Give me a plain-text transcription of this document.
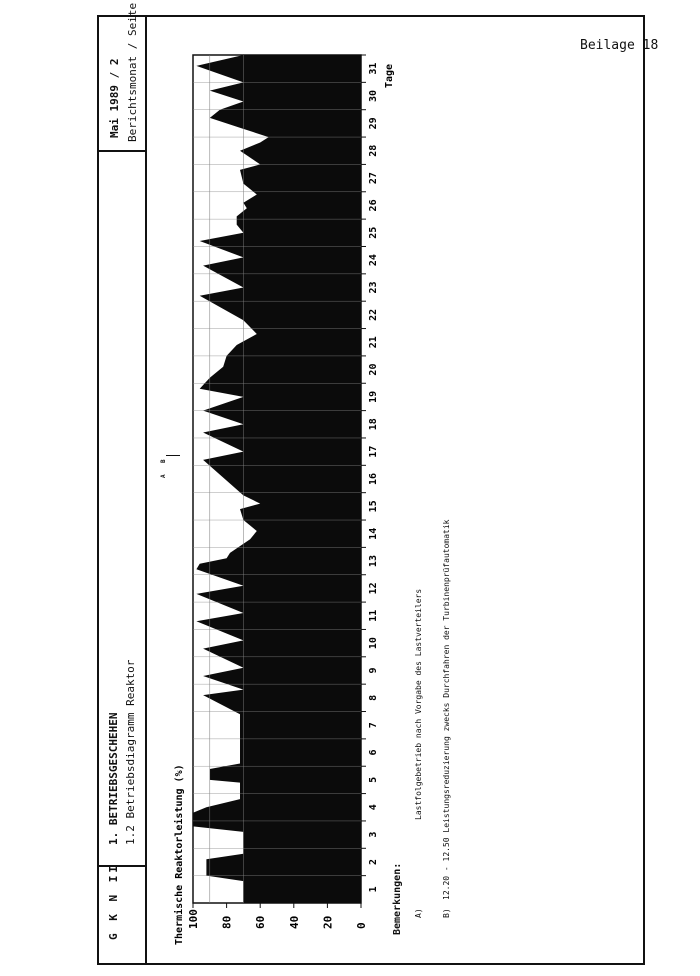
Beilage 18
G K N II
1. BETRIEBSGESCHEHEN 1.2 Betriebsdiagramm Reaktor
Mai 1989 / 2 Berichtsmonat / Seite
Bemerkungen: A)
Lastfolgebetrieb nach Vorgabe des Lastverteilers
B)
12.20 - 12.50 Leistungsreduzierung zwecks Durchfahren der Turbinenprüfautomatik
A
B
0
20
40
60
80
100
1
2
3
4
5
6
7
8
9
10
11
12
13
14
15
16
17
18
19
20
21
22
23
24
25
26
27
28
29
30
31
Thermische Reaktorleistung (%)
Tage
